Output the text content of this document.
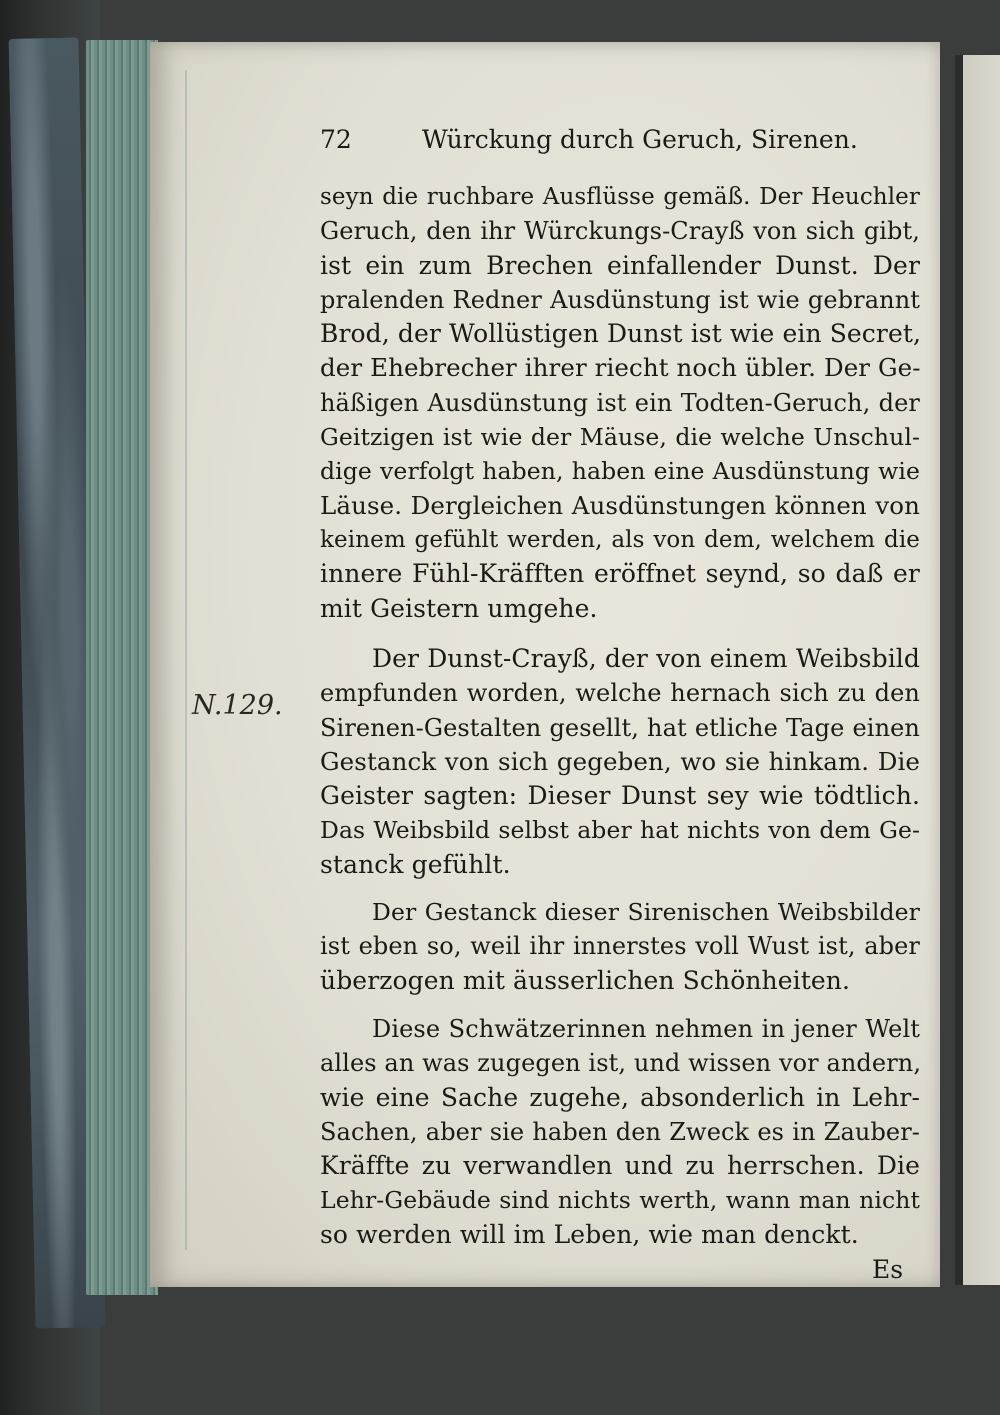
72	Würckung durch Geruch, Sirenen.
N.129.
seyn die ruchbare Ausflüsse gemäß. Der Heuchler
Geruch, den ihr Würckungs-Crayß von sich gibt,
ist ein zum Brechen einfallender Dunst. Der
pralenden Redner Ausdünstung ist wie gebrannt
Brod, der Wollüstigen Dunst ist wie ein Secret,
der Ehebrecher ihrer riecht noch übler. Der Ge-
häßigen Ausdünstung ist ein Todten-Geruch, der
Geitzigen ist wie der Mäuse, die welche Unschul-
dige verfolgt haben, haben eine Ausdünstung wie
Läuse. Dergleichen Ausdünstungen können von
keinem gefühlt werden, als von dem, welchem die
innere Fühl-Kräfften eröffnet seynd, so daß er
mit Geistern umgehe.
Der Dunst-Crayß, der von einem Weibsbild
empfunden worden, welche hernach sich zu den
Sirenen-Gestalten gesellt, hat etliche Tage einen
Gestanck von sich gegeben, wo sie hinkam. Die
Geister sagten: Dieser Dunst sey wie tödtlich.
Das Weibsbild selbst aber hat nichts von dem Ge-
stanck gefühlt.
Der Gestanck dieser Sirenischen Weibsbilder
ist eben so, weil ihr innerstes voll Wust ist, aber
überzogen mit äusserlichen Schönheiten.
Diese Schwätzerinnen nehmen in jener Welt
alles an was zugegen ist, und wissen vor andern,
wie eine Sache zugehe, absonderlich in Lehr-
Sachen, aber sie haben den Zweck es in Zauber-
Kräffte zu verwandlen und zu herrschen. Die
Lehr-Gebäude sind nichts werth, wann man nicht
so werden will im Leben, wie man denckt.
Es
